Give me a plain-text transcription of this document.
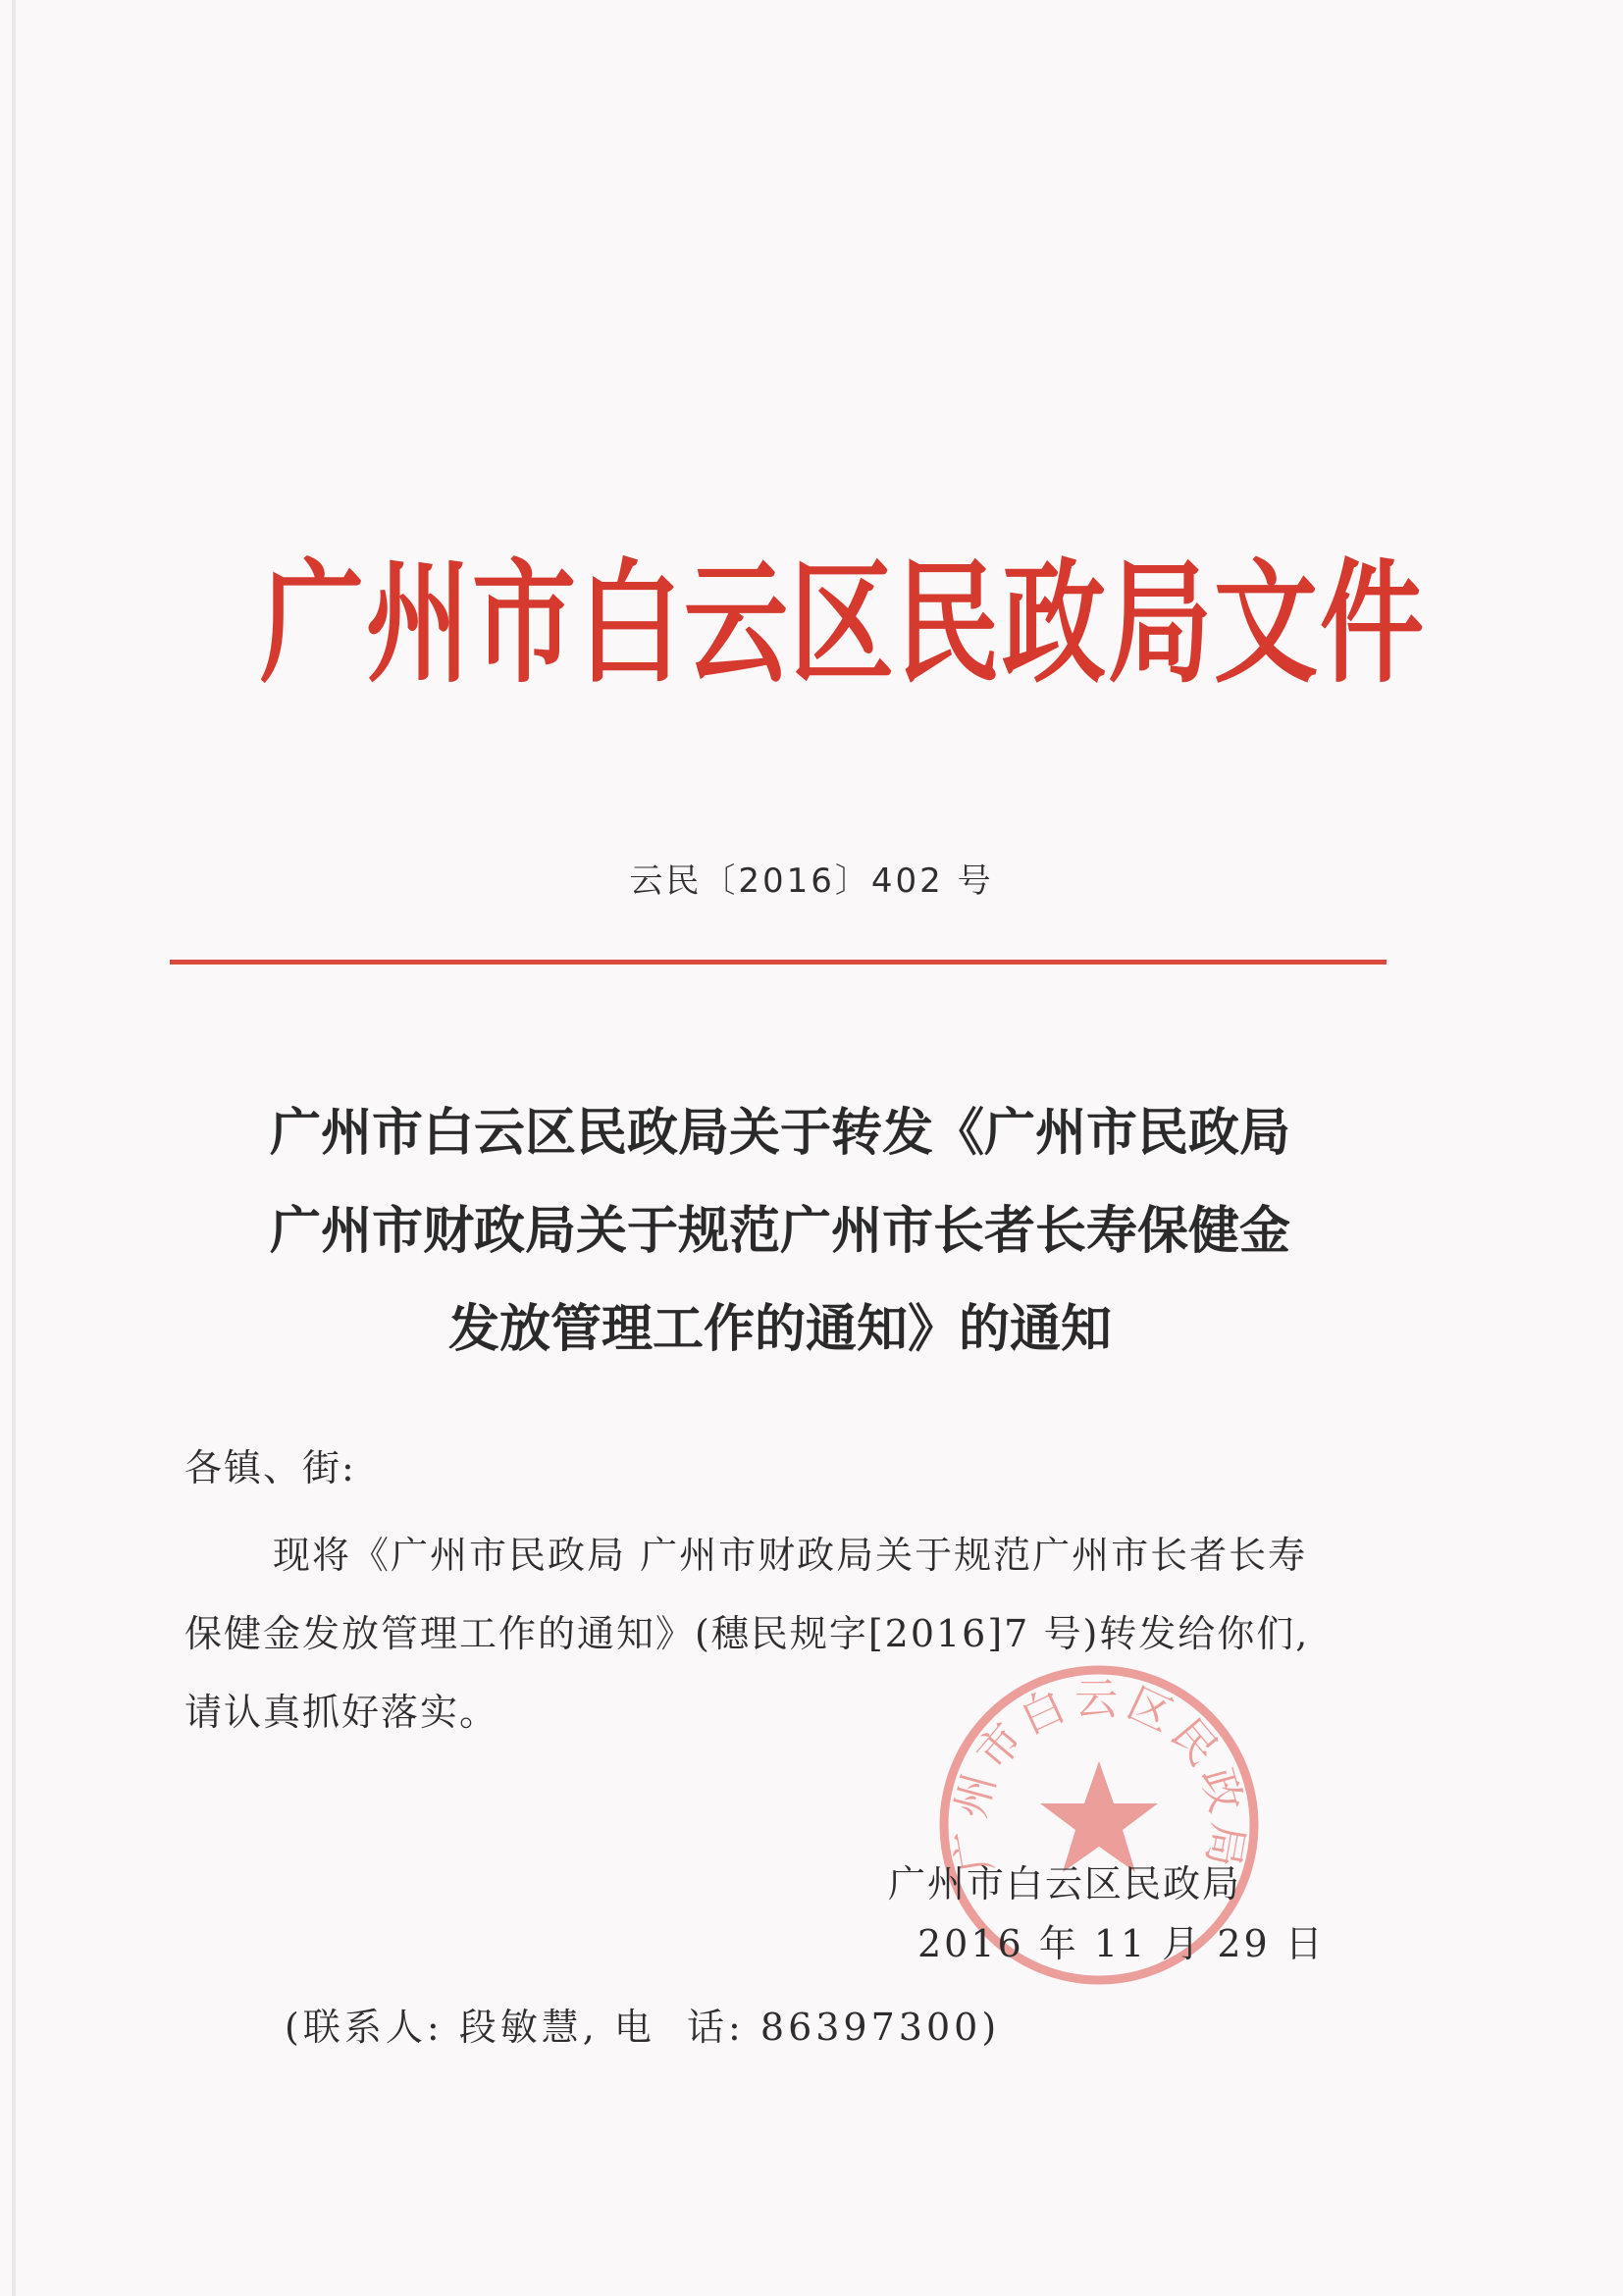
广州市白云区民政局文件
云民〔2016〕402 号
广州市白云区民政局关于转发《广州市民政局
广州市财政局关于规范广州市长者长寿保健金
发放管理工作的通知》的通知
各镇、街:
现将《广州市民政局 广州市财政局关于规范广州市长者长寿
保健金发放管理工作的通知》(穗民规字[2016]7 号)转发给你们,
请认真抓好落实。
广州市白云区民政局
广州市白云区民政局
2016 年 11 月 29 日
(联系人: 段敏慧, 电  话: 86397300)
